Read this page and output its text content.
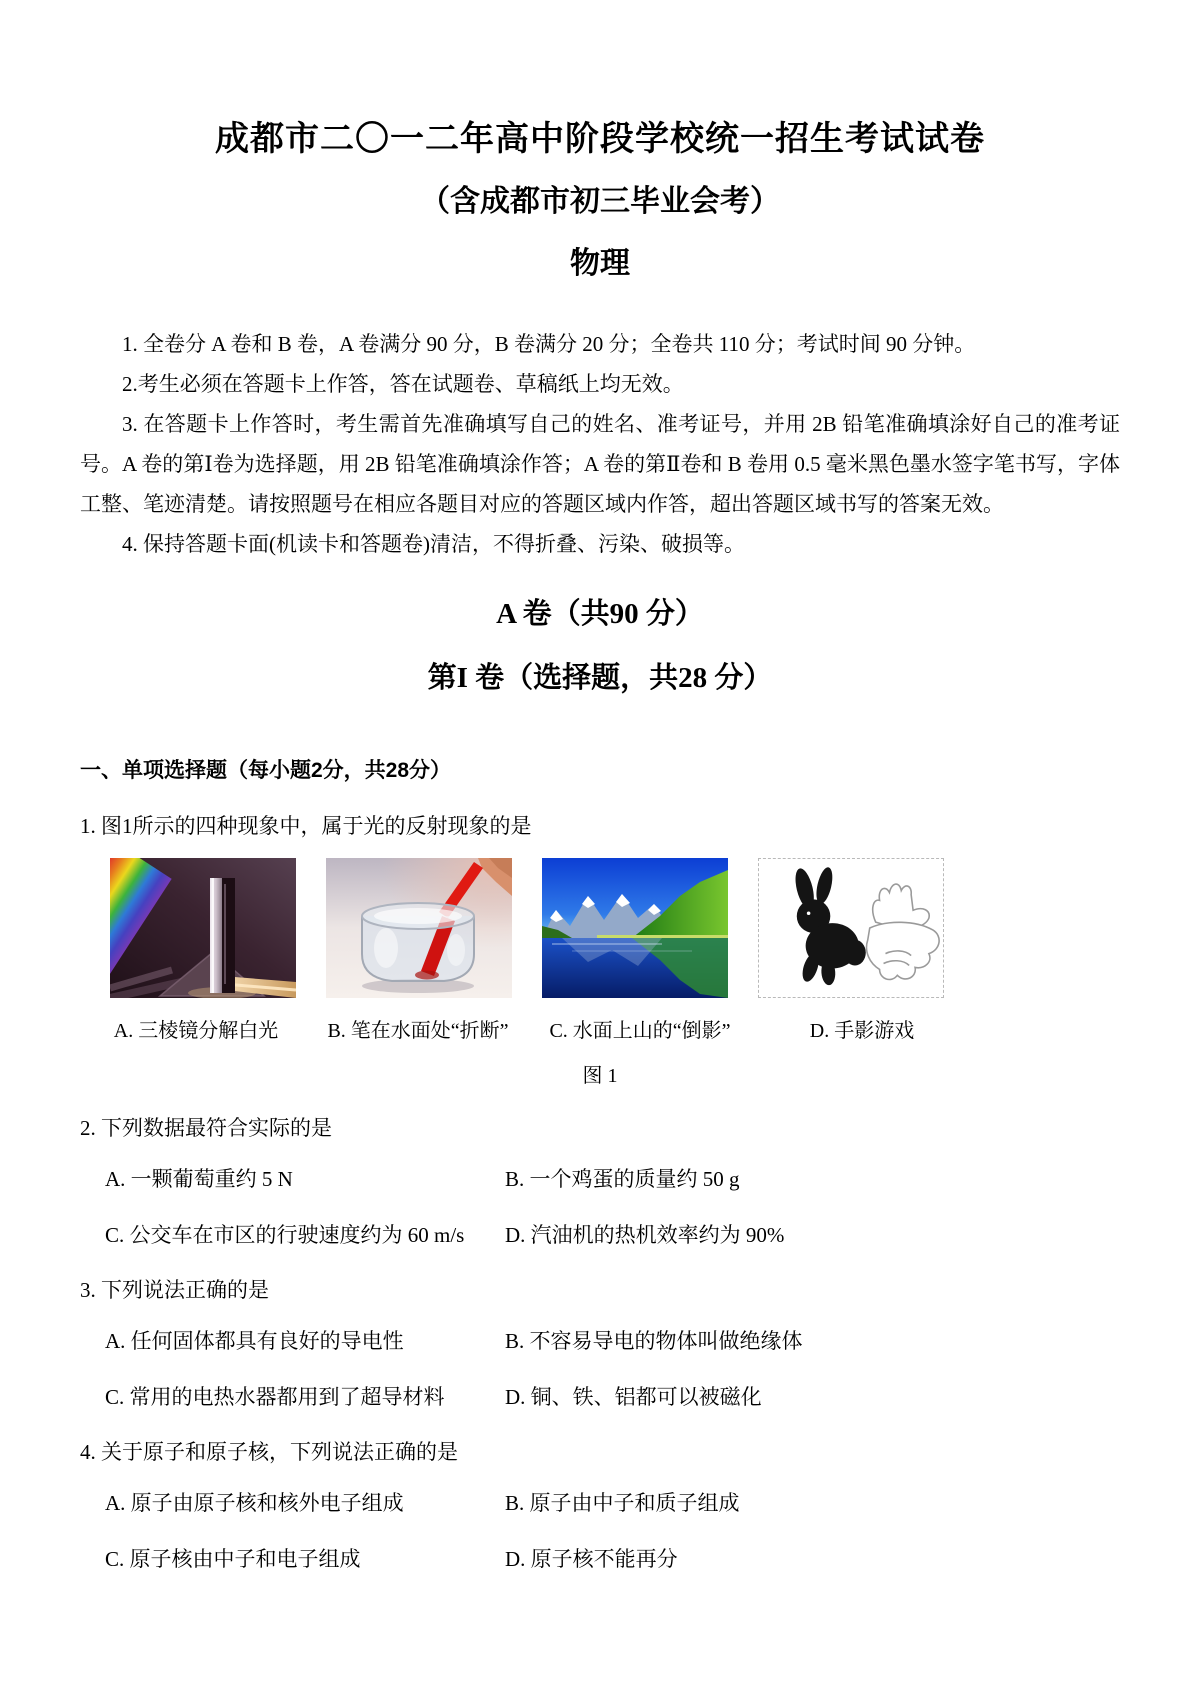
成都市二〇一二年高中阶段学校统一招生考试试卷
（含成都市初三毕业会考）
物理

1. 全卷分 A 卷和 B 卷，A 卷满分 90 分，B 卷满分 20 分；全卷共 110 分；考试时间 90 分钟。

2.考生必须在答题卡上作答，答在试题卷、草稿纸上均无效。

3. 在答题卡上作答时，考生需首先准确填写自己的姓名、准考证号，并用 2B 铅笔准确填涂好自己的准考证号。A 卷的第Ⅰ卷为选择题，用 2B 铅笔准确填涂作答；A 卷的第Ⅱ卷和 B 卷用 0.5 毫米黑色墨水签字笔书写，字体工整、笔迹清楚。请按照题号在相应各题目对应的答题区域内作答，超出答题区域书写的答案无效。

4. 保持答题卡面(机读卡和答题卷)清洁，不得折叠、污染、破损等。

A 卷（共90 分）
第I 卷（选择题，共28 分）
一、单项选择题（每小题2分，共28分）

1. 图1所示的四种现象中，属于光的反射现象的是

A. 三棱镜分解白光	B. 笔在水面处“折断” C. 水面上山的“倒影”	D. 手影游戏

图 1

2. 下列数据最符合实际的是

A. 一颗葡萄重约 5 N	B. 一个鸡蛋的质量约 50 g
C. 公交车在市区的行驶速度约为 60 m/s	D. 汽油机的热机效率约为 90%

3. 下列说法正确的是

A. 任何固体都具有良好的导电性	B. 不容易导电的物体叫做绝缘体
C. 常用的电热水器都用到了超导材料	D. 铜、铁、铝都可以被磁化

4. 关于原子和原子核，下列说法正确的是

A. 原子由原子核和核外电子组成	B. 原子由中子和质子组成
C. 原子核由中子和电子组成	D. 原子核不能再分
